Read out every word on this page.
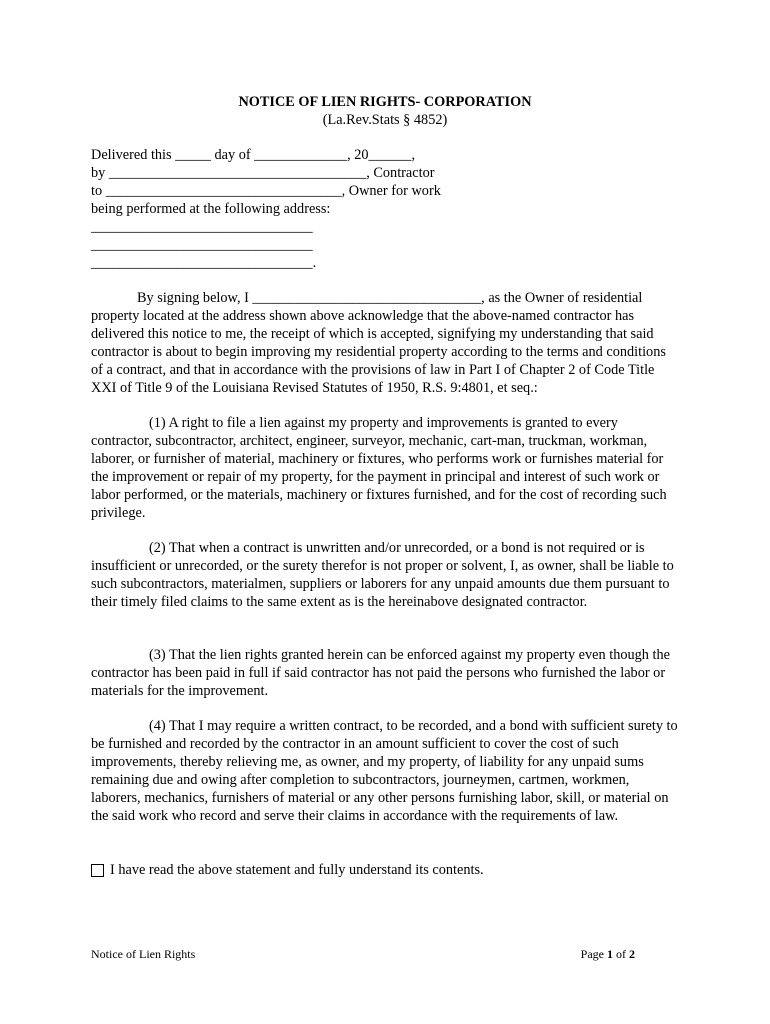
NOTICE OF LIEN RIGHTS- CORPORATION
(La.Rev.Stats § 4852)
Delivered this _____ day of _____________, 20______,
by ____________________________________, Contractor
to _________________________________, Owner for work
being performed at the following address:
_______________________________
_______________________________
_______________________________.

By signing below, I ________________________________, as the Owner of residential property located at the address shown above acknowledge that the above-named contractor has delivered this notice to me, the receipt of which is accepted, signifying my understanding that said contractor is about to begin improving my residential property according to the terms and conditions of a contract, and that in accordance with the provisions of law in Part I of Chapter 2 of Code Title XXI of Title 9 of the Louisiana Revised Statutes of 1950, R.S. 9:4801, et seq.:

(1) A right to file a lien against my property and improvements is granted to every contractor, subcontractor, architect, engineer, surveyor, mechanic, cart-man, truckman, workman, laborer, or furnisher of material, machinery or fixtures, who performs work or furnishes material for the improvement or repair of my property, for the payment in principal and interest of such work or labor performed, or the materials, machinery or fixtures furnished, and for the cost of recording such privilege.

(2) That when a contract is unwritten and/or unrecorded, or a bond is not required or is insufficient or unrecorded, or the surety therefor is not proper or solvent, I, as owner, shall be liable to such subcontractors, materialmen, suppliers or laborers for any unpaid amounts due them pursuant to their timely filed claims to the same extent as is the hereinabove designated contractor.

(3) That the lien rights granted herein can be enforced against my property even though the contractor has been paid in full if said contractor has not paid the persons who furnished the labor or materials for the improvement.

(4) That I may require a written contract, to be recorded, and a bond with sufficient surety to be furnished and recorded by the contractor in an amount sufficient to cover the cost of such improvements, thereby relieving me, as owner, and my property, of liability for any unpaid sums remaining due and owing after completion to subcontractors, journeymen, cartmen, workmen, laborers, mechanics, furnishers of material or any other persons furnishing labor, skill, or material on the said work who record and serve their claims in accordance with the requirements of law.

I have read the above statement and fully understand its contents.
Notice of Lien Rights	Page 1 of 2
